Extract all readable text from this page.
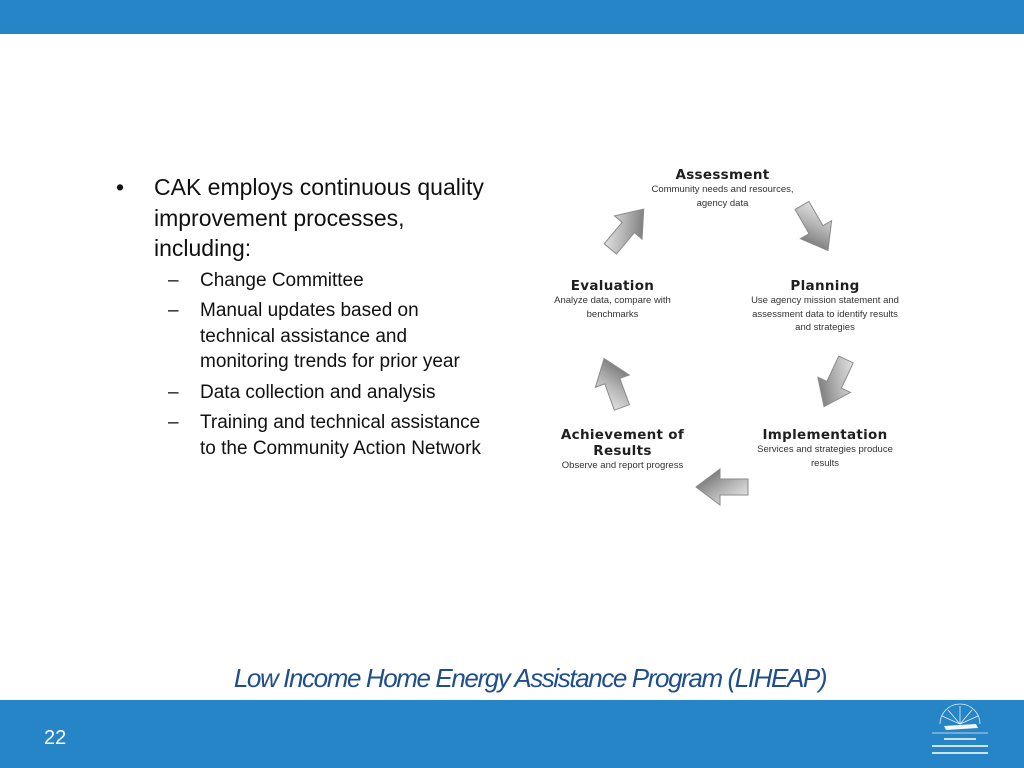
•	CAK employs continuous quality improvement processes, including:
–	Change Committee
–	Manual updates based on technical assistance and monitoring trends for prior year
–	Data collection and analysis
–	Training and technical assistance to the Community Action Network
Assessment
Community needs and resources,
agency data
Planning
Use agency mission statement and
assessment data to identify results
and strategies
Implementation
Services and strategies produce
results
Achievement of
Results
Observe and report progress
Evaluation
Analyze data, compare with
benchmarks
Low Income Home Energy Assistance Program (LIHEAP)
22
